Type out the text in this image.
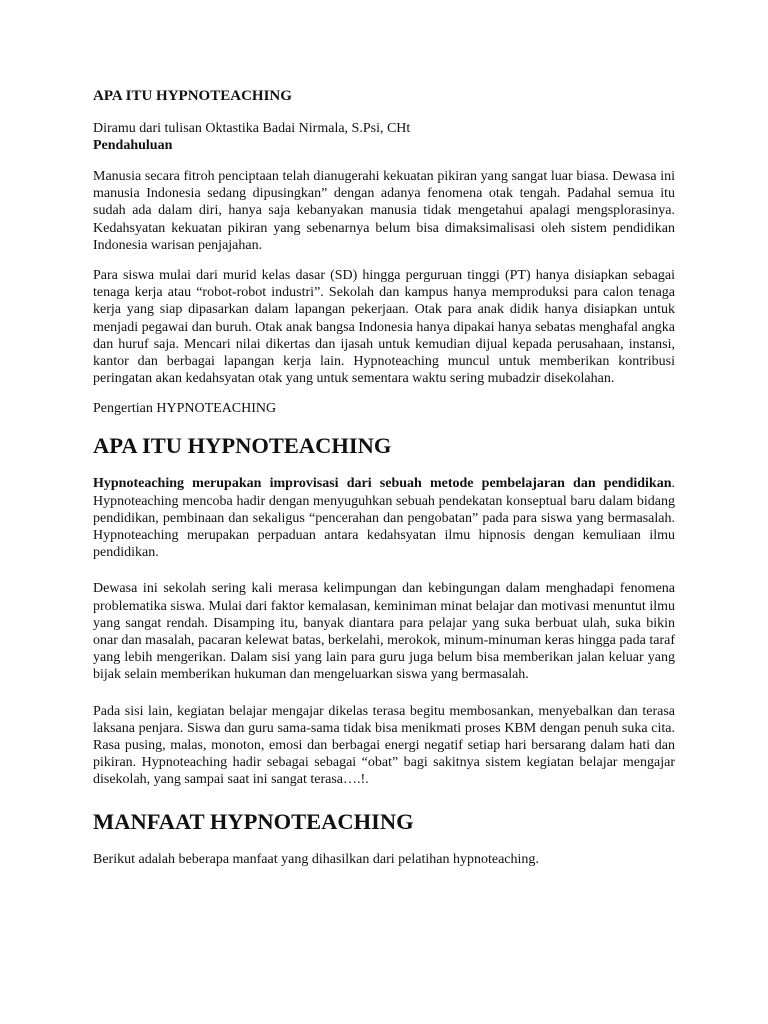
APA ITU HYPNOTEACHING
Diramu dari tulisan Oktastika Badai Nirmala, S.Psi, CHt
Pendahuluan

Manusia secara fitroh penciptaan telah dianugerahi kekuatan pikiran yang sangat luar biasa. Dewasa ini manusia Indonesia sedang dipusingkan” dengan adanya fenomena otak tengah. Padahal semua itu sudah ada dalam diri, hanya saja kebanyakan manusia tidak mengetahui apalagi mengsplorasinya. Kedahsyatan kekuatan pikiran yang sebenarnya belum bisa dimaksimalisasi oleh sistem pendidikan Indonesia warisan penjajahan.

Para siswa mulai dari murid kelas dasar (SD) hingga perguruan tinggi (PT) hanya disiapkan sebagai tenaga kerja atau “robot-robot industri”. Sekolah dan kampus hanya memproduksi para calon tenaga kerja yang siap dipasarkan dalam lapangan pekerjaan. Otak para anak didik hanya disiapkan untuk menjadi pegawai dan buruh. Otak anak bangsa Indonesia hanya dipakai hanya sebatas menghafal angka dan huruf saja. Mencari nilai dikertas dan ijasah untuk kemudian dijual kepada perusahaan, instansi, kantor dan berbagai lapangan kerja lain. Hypnoteaching muncul untuk memberikan kontribusi peringatan akan kedahsyatan otak yang untuk sementara waktu sering mubadzir disekolahan.

Pengertian HYPNOTEACHING
APA ITU HYPNOTEACHING

Hypnoteaching merupakan improvisasi dari sebuah metode pembelajaran dan pendidikan. Hypnoteaching mencoba hadir dengan menyuguhkan sebuah pendekatan konseptual baru dalam bidang pendidikan, pembinaan dan sekaligus “pencerahan dan pengobatan” pada para siswa yang bermasalah. Hypnoteaching merupakan perpaduan antara kedahsyatan ilmu hipnosis dengan kemuliaan ilmu pendidikan.

Dewasa ini sekolah sering kali merasa kelimpungan dan kebingungan dalam menghadapi fenomena problematika siswa. Mulai dari faktor kemalasan, keminiman minat belajar dan motivasi menuntut ilmu yang sangat rendah. Disamping itu, banyak diantara para pelajar yang suka berbuat ulah, suka bikin onar dan masalah, pacaran kelewat batas, berkelahi, merokok, minum-minuman keras hingga pada taraf yang lebih mengerikan. Dalam sisi yang lain para guru juga belum bisa memberikan jalan keluar yang bijak selain memberikan hukuman dan mengeluarkan siswa yang bermasalah.

Pada sisi lain, kegiatan belajar mengajar dikelas terasa begitu membosankan, menyebalkan dan terasa laksana penjara. Siswa dan guru sama-sama tidak bisa menikmati proses KBM dengan penuh suka cita. Rasa pusing, malas, monoton, emosi dan berbagai energi negatif setiap hari bersarang dalam hati dan pikiran. Hypnoteaching hadir sebagai sebagai “obat” bagi sakitnya sistem kegiatan belajar mengajar disekolah, yang sampai saat ini sangat terasa….!.

MANFAAT HYPNOTEACHING

Berikut adalah beberapa manfaat yang dihasilkan dari pelatihan hypnoteaching.
